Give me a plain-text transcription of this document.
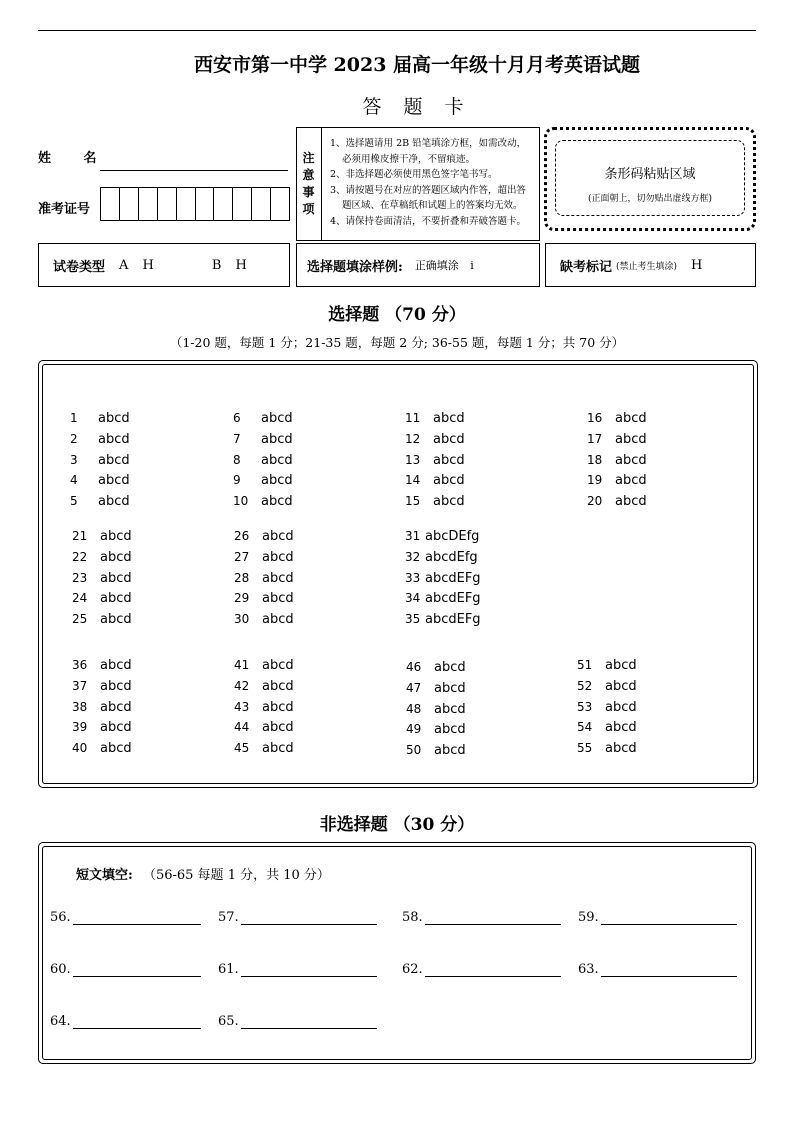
西安市第一中学 2023 届高一年级十月月考英语试题
答 题 卡
姓 名
准考证号
注
意
事
项
1、选择题请用 2B 铅笔填涂方框，如需改动，
必须用橡皮擦干净，不留痕迹。
2、非选择题必须使用黑色签字笔书写。
3、请按题号在对应的答题区域内作答，超出答
题区域、在草稿纸和试题上的答案均无效。
4、请保持卷面清洁，不要折叠和弄破答题卡。
条形码粘贴区域
(正面朝上，切勿贴出虚线方框)
试卷类型 A H	B H	选择题填涂样例: 正确填涂 i	缺考标记 (禁止考生填涂) H
选择题 （70 分）
（1-20 题，每题 1 分；21-35 题，每题 2 分; 36-55 题，每题 1 分；共 70 分）
非选择题 （30 分）
短文填空: （56-65 每题 1 分，共 10 分）
1 abcd
2 abcd
3 abcd
4 abcd
5 abcd
6 abcd
7 abcd
8 abcd
9 abcd
10 abcd
11 abcd
12 abcd
13 abcd
14 abcd
15 abcd
16 abcd
17 abcd
18 abcd
19 abcd
20 abcd
21 abcd
22 abcd
23 abcd
24 abcd
25 abcd
26 abcd
27 abcd
28 abcd
29 abcd
30 abcd
31 abcDEfg
32 abcdEfg
33 abcdEFg
34 abcdEFg
35 abcdEFg
36 abcd
37 abcd
38 abcd
39 abcd
40 abcd
41 abcd
42 abcd
43 abcd
44 abcd
45 abcd
46 abcd
47 abcd
48 abcd
49 abcd
50 abcd
51 abcd
52 abcd
53 abcd
54 abcd
55 abcd
56.	57.	58.	59.
60.	61.	62.	63.
64.	65.
